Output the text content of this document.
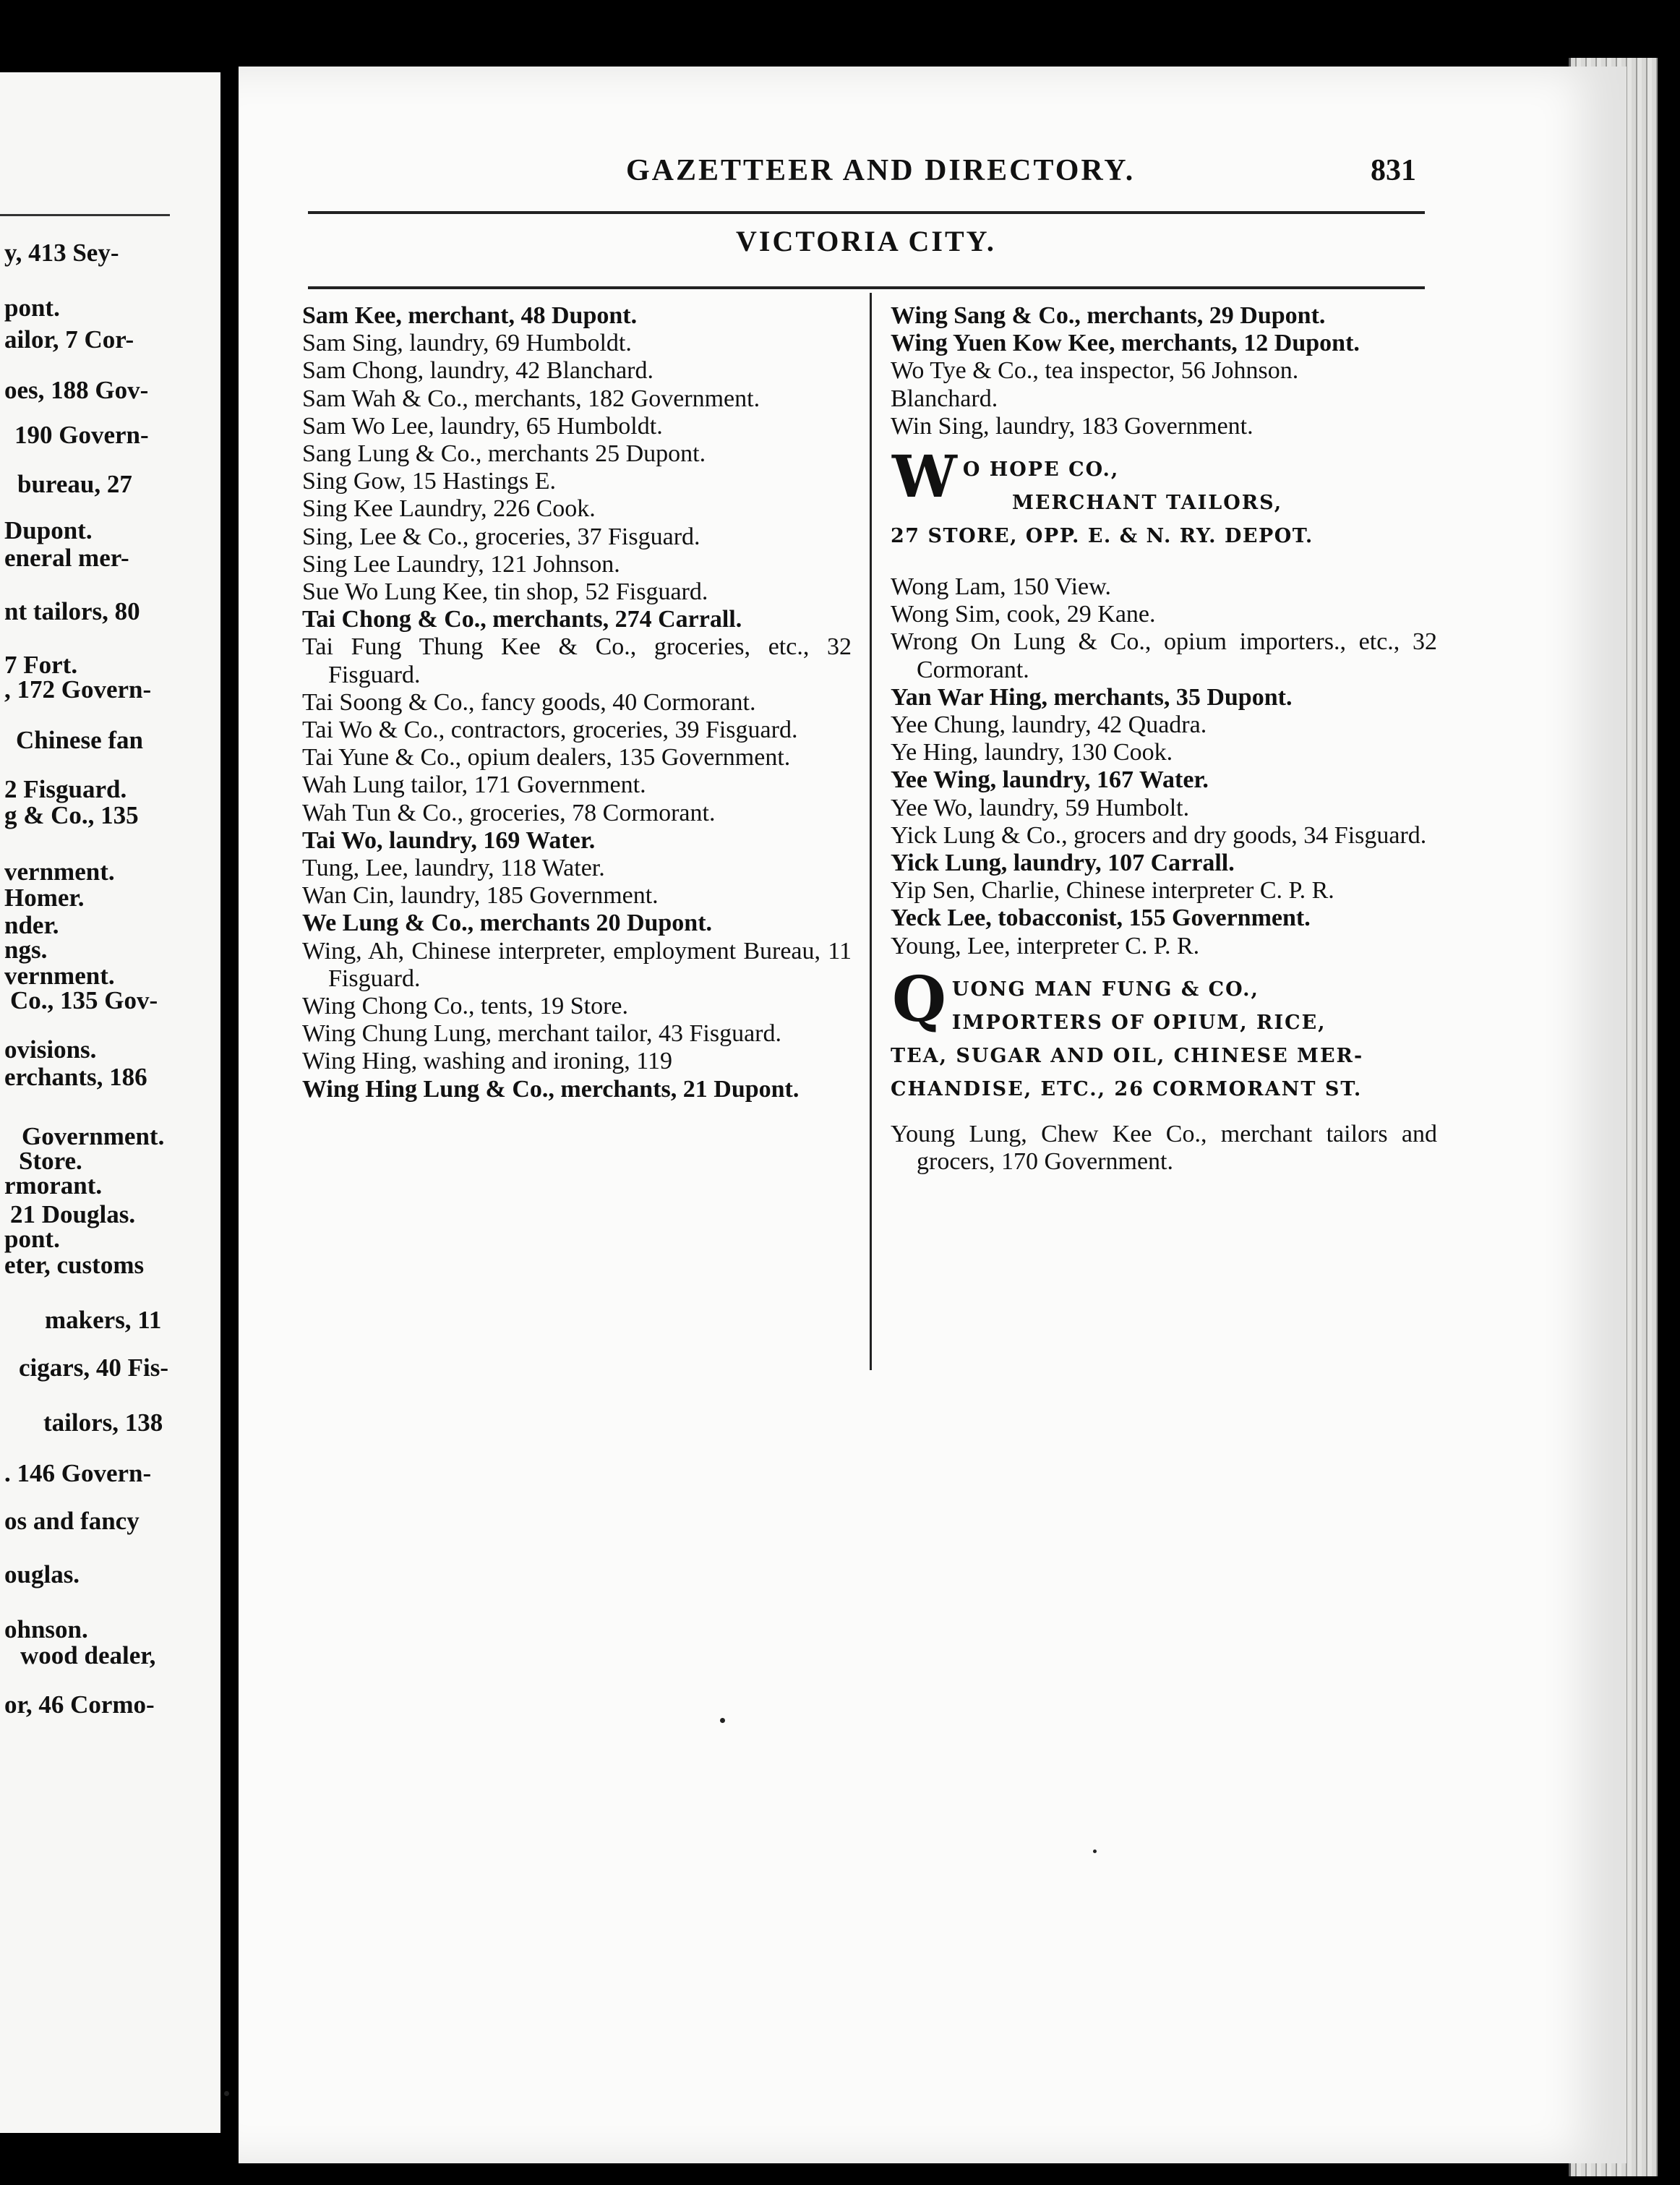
y, 413 Sey-
pont.
ailor, 7 Cor-
oes, 188 Gov-
190 Govern-
bureau, 27
Dupont.
eneral mer-
nt tailors, 80
7 Fort.
, 172 Govern-
Chinese fan
2 Fisguard.
g & Co., 135
vernment.
Homer.
nder.
ngs.
vernment.
Co., 135 Gov-
ovisions.
erchants, 186
Government.
Store.
rmorant.
21 Douglas.
pont.
eter, customs
makers, 11
cigars, 40 Fis-
tailors, 138
. 146 Govern-
os and fancy
ouglas.
ohnson.
wood dealer,
or, 46 Cormo-
GAZETTEER AND DIRECTORY.	831
VICTORIA CITY.
Sam Kee, merchant, 48 Dupont.
Sam Sing, laundry, 69 Humboldt.
Sam Chong, laundry, 42 Blanchard.
Sam Wah & Co., merchants, 182 Government.
Sam Wo Lee, laundry, 65 Humboldt.
Sang Lung & Co., merchants 25 Dupont.
Sing Gow, 15 Hastings E.
Sing Kee Laundry, 226 Cook.
Sing, Lee & Co., groceries, 37 Fisguard.
Sing Lee Laundry, 121 Johnson.
Sue Wo Lung Kee, tin shop, 52 Fisguard.
Tai Chong & Co., merchants, 274 Carrall.
Tai Fung Thung Kee & Co., groceries, etc., 32 Fisguard.
Tai Soong & Co., fancy goods, 40 Cormorant.
Tai Wo & Co., contractors, groceries, 39 Fisguard.
Tai Yune & Co., opium dealers, 135 Government.
Wah Lung tailor, 171 Government.
Wah Tun & Co., groceries, 78 Cormorant.
Tai Wo, laundry, 169 Water.
Tung, Lee, laundry, 118 Water.
Wan Cin, laundry, 185 Government.
We Lung & Co., merchants 20 Dupont.
Wing, Ah, Chinese interpreter, employment Bureau, 11 Fisguard.
Wing Chong Co., tents, 19 Store.
Wing Chung Lung, merchant tailor, 43 Fisguard.
Wing Hing, washing and ironing, 119
Wing Hing Lung & Co., merchants, 21 Dupont.
Wing Sang & Co., merchants, 29 Dupont.
Wing Yuen Kow Kee, merchants, 12 Dupont.
Wo Tye & Co., tea inspector, 56 Johnson.
Blanchard.
Win Sing, laundry, 183 Government.
W O HOPE CO.,
MERCHANT TAILORS,
27 STORE, OPP. E. & N. RY. DEPOT.
Wong Lam, 150 View.
Wong Sim, cook, 29 Kane.
Wrong On Lung & Co., opium importers., etc., 32 Cormorant.
Yan War Hing, merchants, 35 Dupont.
Yee Chung, laundry, 42 Quadra.
Ye Hing, laundry, 130 Cook.
Yee Wing, laundry, 167 Water.
Yee Wo, laundry, 59 Humbolt.
Yick Lung & Co., grocers and dry goods, 34 Fisguard.
Yick Lung, laundry, 107 Carrall.
Yip Sen, Charlie, Chinese interpreter C. P. R.
Yeck Lee, tobacconist, 155 Government.
Young, Lee, interpreter C. P. R.
Q UONG MAN FUNG & CO.,
IMPORTERS OF OPIUM, RICE,
TEA, SUGAR AND OIL, CHINESE MER-
CHANDISE, ETC., 26 CORMORANT ST.
Young Lung, Chew Kee Co., merchant tailors and grocers, 170 Government.
